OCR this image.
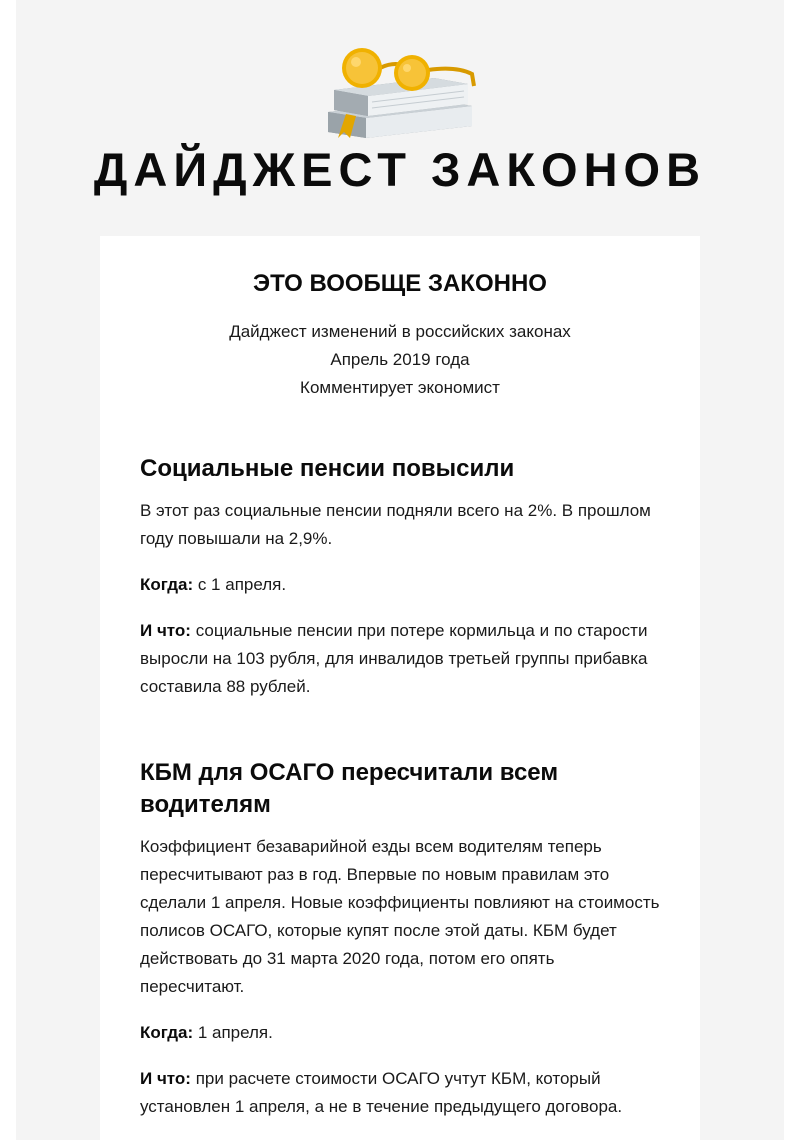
ДАЙДЖЕСТ ЗАКОНОВ
ЭТО ВООБЩЕ ЗАКОННО
Дайджест изменений в российских законах
Апрель 2019 года
Комментирует экономист
Социальные пенсии повысили

В этот раз социальные пенсии подняли всего на 2%. В прошлом году повышали на 2,9%.

Когда: с 1 апреля.

И что: социальные пенсии при потере кормильца и по старости выросли на 103 рубля, для инвалидов третьей группы прибавка составила 88 рублей.

КБМ для ОСАГО пересчитали всем водителям

Коэффициент безаварийной езды всем водителям теперь пересчитывают раз в год. Впервые по новым правилам это сделали 1 апреля. Новые коэффициенты повлияют на стоимость полисов ОСАГО, которые купят после этой даты. КБМ будет действовать до 31 марта 2020 года, потом его опять пересчитают.

Когда: 1 апреля.

И что: при расчете стоимости ОСАГО учтут КБМ, который установлен 1 апреля, а не в течение предыдущего договора.
